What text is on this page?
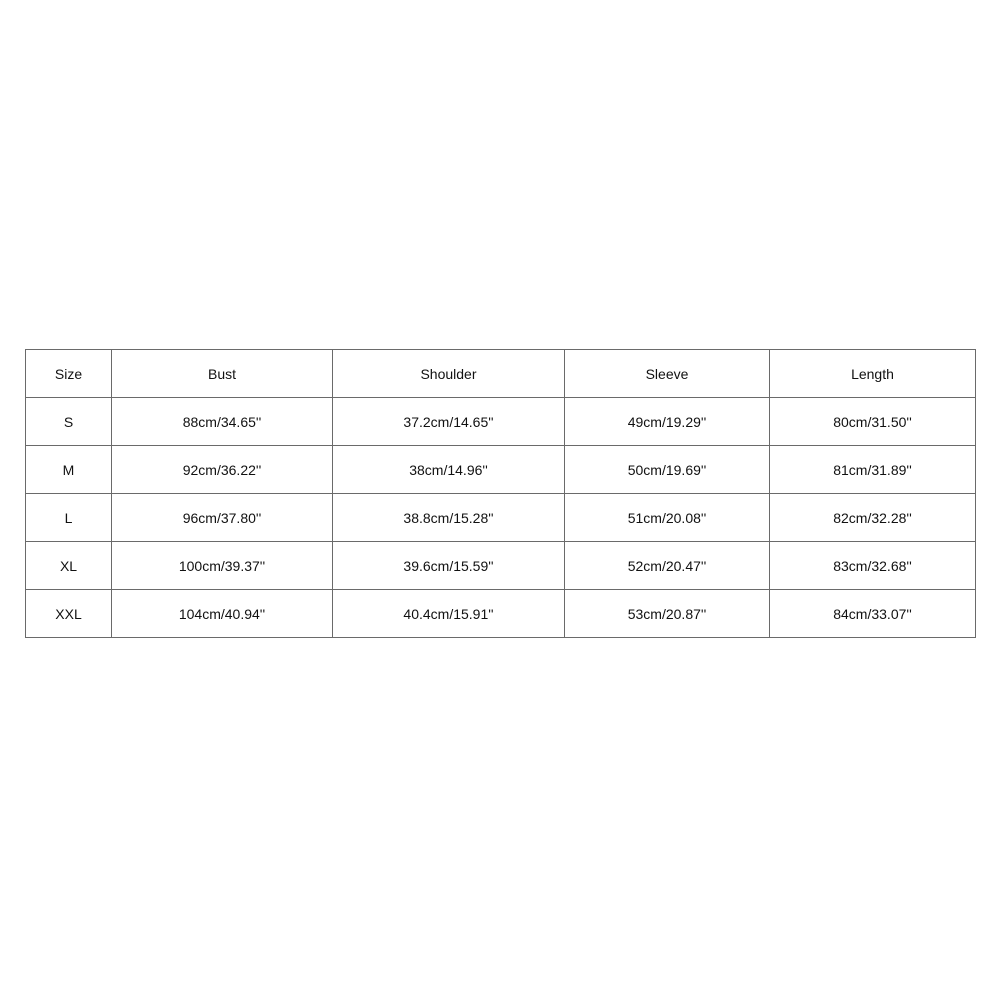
Size	Bust	Shoulder	Sleeve	Length
S	88cm/34.65''	37.2cm/14.65''	49cm/19.29''	80cm/31.50''
M	92cm/36.22''	38cm/14.96''	50cm/19.69''	81cm/31.89''
L	96cm/37.80''	38.8cm/15.28''	51cm/20.08''	82cm/32.28''
XL	100cm/39.37''	39.6cm/15.59''	52cm/20.47''	83cm/32.68''
XXL	104cm/40.94''	40.4cm/15.91''	53cm/20.87''	84cm/33.07''
